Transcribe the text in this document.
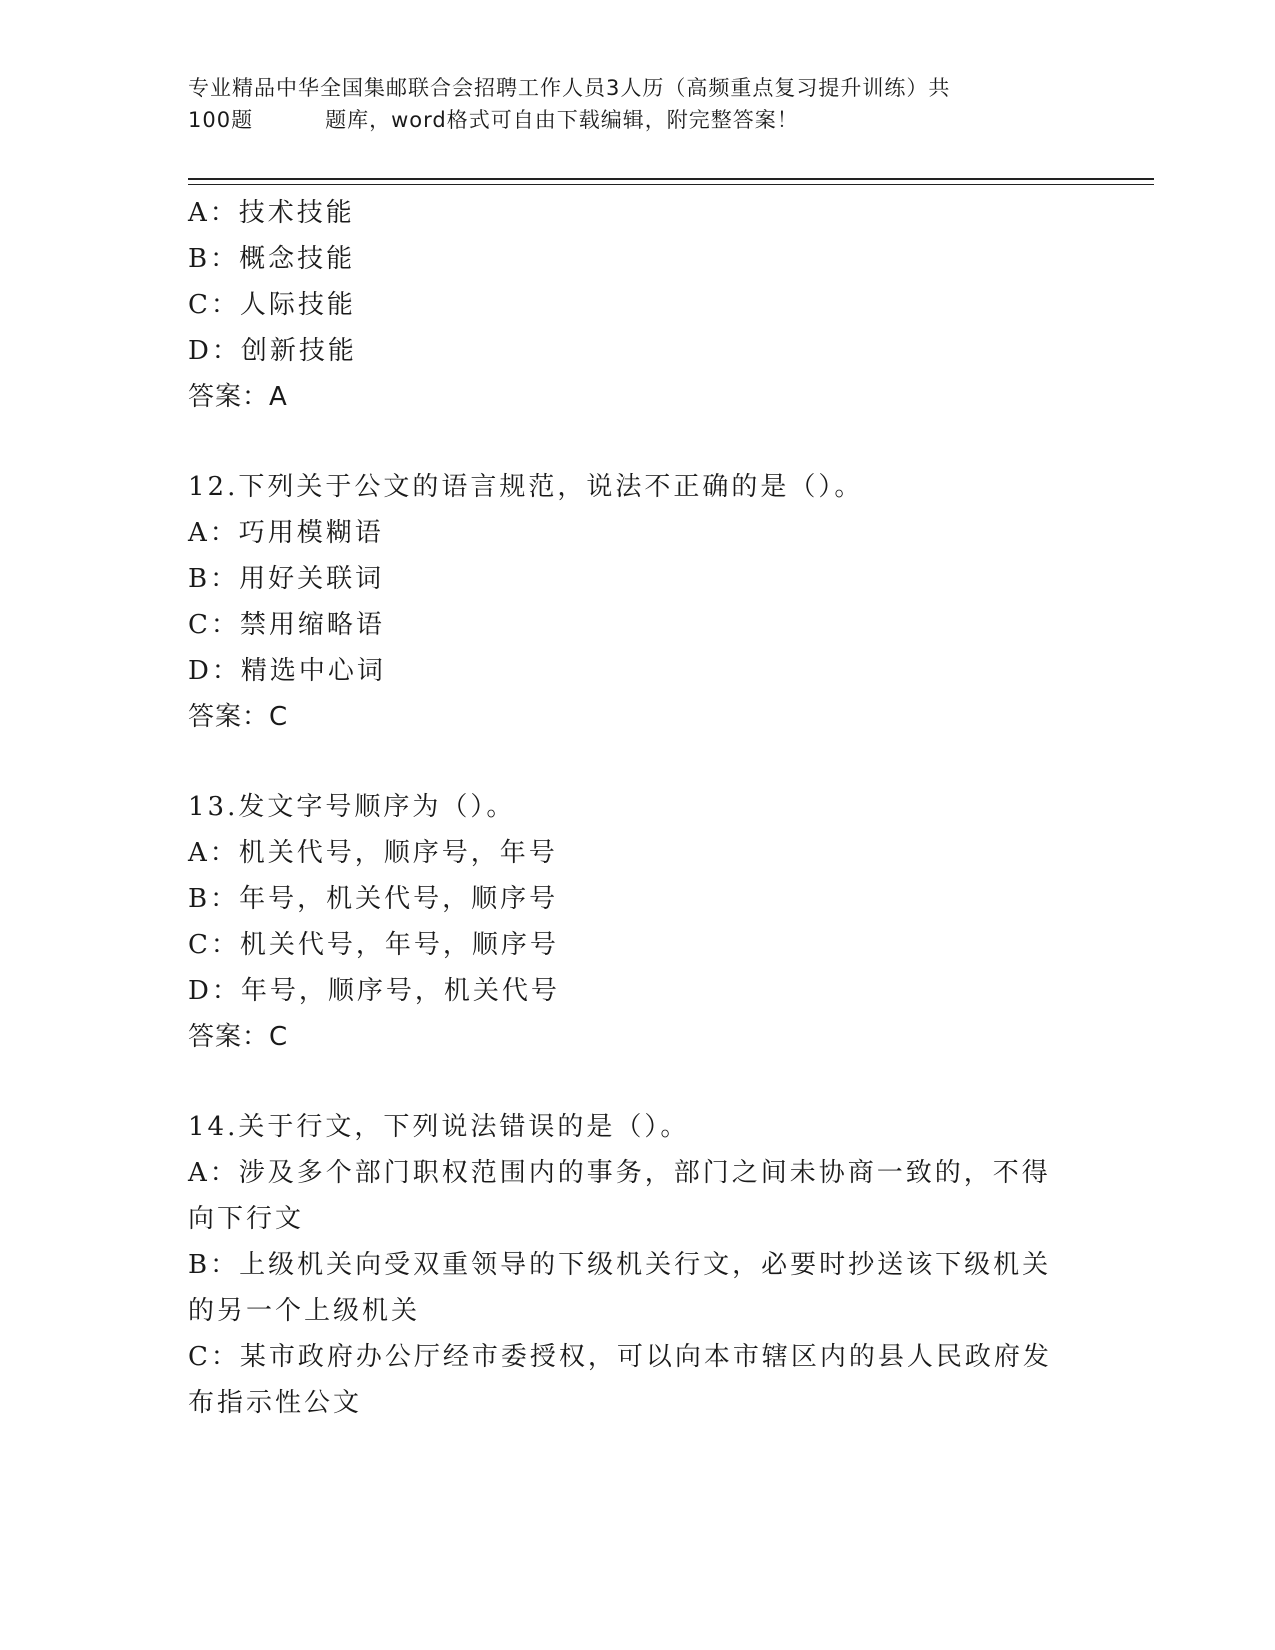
专业精品中华全国集邮联合会招聘工作人员3人历（高频重点复习提升训练）共
100题	题库，word格式可自由下载编辑，附完整答案！
A：技术技能
B：概念技能
C：人际技能
D：创新技能
答案：A
12.下列关于公文的语言规范，说法不正确的是（）。
A：巧用模糊语
B：用好关联词
C：禁用缩略语
D：精选中心词
答案：C
13.发文字号顺序为（）。
A：机关代号，顺序号，年号
B：年号，机关代号，顺序号
C：机关代号，年号，顺序号
D：年号，顺序号，机关代号
答案：C
14.关于行文，下列说法错误的是（）。
A：涉及多个部门职权范围内的事务，部门之间未协商一致的，不得向下行文
B：上级机关向受双重领导的下级机关行文，必要时抄送该下级机关的另一个上级机关
C：某市政府办公厅经市委授权，可以向本市辖区内的县人民政府发布指示性公文
